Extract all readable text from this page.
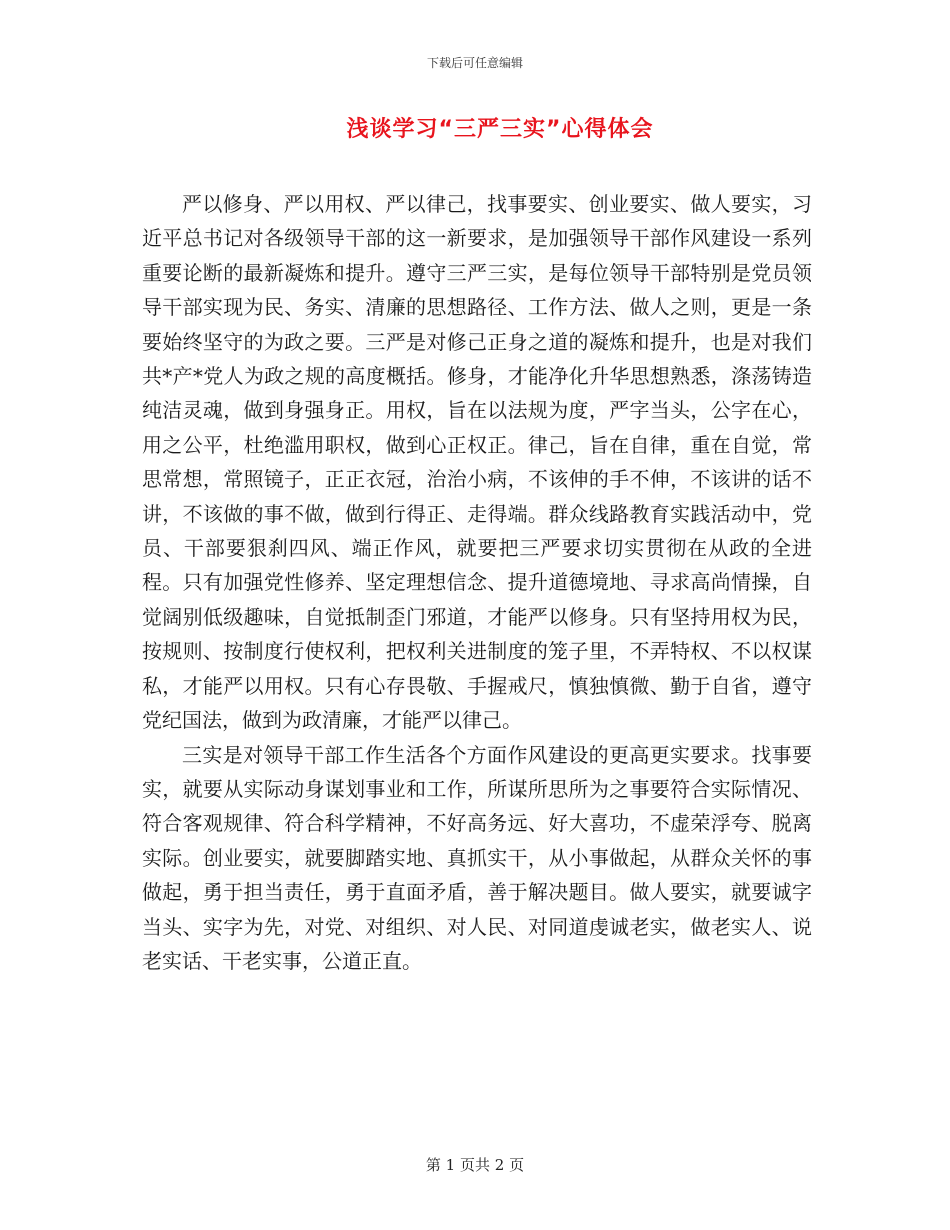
下载后可任意编辑
浅谈学习“三严三实”心得体会

严以修身、严以用权、严以律己，找事要实、创业要实、做人要实，习近平总书记对各级领导干部的这一新要求，是加强领导干部作风建设一系列重要论断的最新凝炼和提升。遵守三严三实，是每位领导干部特别是党员领导干部实现为民、务实、清廉的思想路径、工作方法、做人之则，更是一条要始终坚守的为政之要。三严是对修己正身之道的凝炼和提升，也是对我们共*产*党人为政之规的高度概括。修身，才能净化升华思想熟悉，涤荡铸造纯洁灵魂，做到身强身正。用权，旨在以法规为度，严字当头，公字在心，用之公平，杜绝滥用职权，做到心正权正。律己，旨在自律，重在自觉，常思常想，常照镜子，正正衣冠，治治小病，不该伸的手不伸，不该讲的话不讲，不该做的事不做，做到行得正、走得端。群众线路教育实践活动中，党员、干部要狠刹四风、端正作风，就要把三严要求切实贯彻在从政的全进程。只有加强党性修养、坚定理想信念、提升道德境地、寻求高尚情操，自觉阔别低级趣味，自觉抵制歪门邪道，才能严以修身。只有坚持用权为民，按规则、按制度行使权利，把权利关进制度的笼子里，不弄特权、不以权谋私，才能严以用权。只有心存畏敬、手握戒尺，慎独慎微、勤于自省，遵守党纪国法，做到为政清廉，才能严以律己。

三实是对领导干部工作生活各个方面作风建设的更高更实要求。找事要实，就要从实际动身谋划事业和工作，所谋所思所为之事要符合实际情况、符合客观规律、符合科学精神，不好高务远、好大喜功，不虚荣浮夸、脱离实际。创业要实，就要脚踏实地、真抓实干，从小事做起，从群众关怀的事做起，勇于担当责任，勇于直面矛盾，善于解决题目。做人要实，就要诚字当头、实字为先，对党、对组织、对人民、对同道虔诚老实，做老实人、说老实话、干老实事，公道正直。

第 1 页共 2 页
